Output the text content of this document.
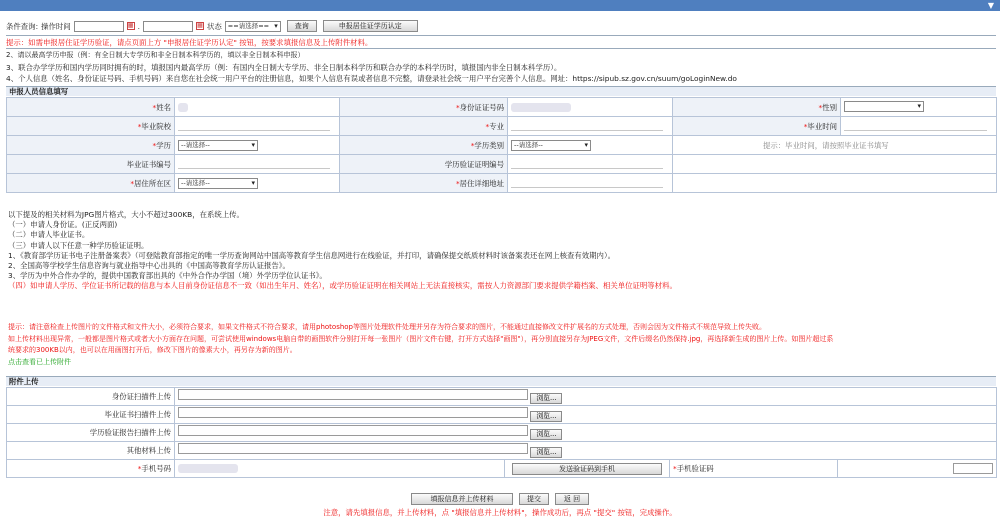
▼
条件查询: 操作时间	▦ .	▦ 状态 ==请选择== ▾	查询	申报居住证学历认定
提示：如需申报居住证学历验证，请点页面上方 "申报居住证学历认定" 按钮，按要求填报信息及上传附件材料。
2、请以最高学历申报（例：有全日制大专学历和非全日制本科学历的，填以非全日制本科申报）
3、联合办学学历和国内学历同时拥有的时，填报国内最高学历（例：有国内全日制大专学历、非全日制本科学历和联合办学的本科学历时，填报国内非全日制本科学历）。
4、个人信息（姓名、身份证证号码、手机号码）来自您在社会统一用户平台的注册信息，如果个人信息有误或者信息不完整，请登录社会统一用户平台完善个人信息。网址：https://sipub.sz.gov.cn/suum/goLoginNew.do
申报人员信息填写
*姓名		*身份证证号码		*性别	▾
*毕业院校		*专业		*毕业时间	
*学历	--请选择-- ▾	*学历类别	--请选择-- ▾	提示：毕业时间，请按照毕业证书填写	
毕业证书编号		学历验证证明编号			
*居住所在区	--请选择-- ▾	*居住详细地址			
以下提及的相关材料为JPG图片格式，大小不超过300KB，在系统上传。
（一）申请人身份证。(正反两面)
（二）申请人毕业证书。
（三）申请人以下任意一种学历验证证明。
1、《教育部学历证书电子注册备案表》（可登陆教育部指定的唯一学历查询网站中国高等教育学生信息网进行在线验证，并打印，请确保提交纸质材料时该备案表还在网上核查有效期内）。
2、全国高等学校学生信息咨询与就业指导中心出具的《中国高等教育学历认证报告》。
3、学历为中外合作办学的，提供中国教育部出具的《中外合作办学国（境）外学历学位认证书》。
（四）如申请人学历、学位证书所记载的信息与本人目前身份证信息不一致（如出生年月、姓名），或学历验证证明在相关网站上无法直接核实，需按人力资源部门要求提供学籍档案、相关单位证明等材料。
提示：请注意检查上传图片的文件格式和文件大小，必须符合要求，如果文件格式不符合要求，请用photoshop等图片处理软件处理并另存为符合要求的图片，不能通过直接修改文件扩展名的方式处理，否则会因为文件格式不规范导致上传失败。
如上传材料出现异常，一般都是图片格式或者大小方面存在问题，可尝试使用windows电脑自带的画图软件分别打开每一张图片（图片文件右键，打开方式选择"画图"），再分别直接另存为JPEG文件，文件后缀名仍然保持.jpg，再选择新生成的图片上传。如图片超过系
统要求的300KB以内，也可以在用画图打开后，修改下图片的像素大小，再另存为新的图片。
点击查看已上传附件
附件上传
身份证扫描件上传	浏览...			
毕业证书扫描件上传	浏览...			
学历验证报告扫描件上传	浏览...			
其他材料上传	浏览...			
*手机号码		发送验证码到手机	*手机验证码	
填报信息并上传材料	提交	返 回
注意，请先填报信息，并上传材料，点 "填报信息并上传材料"，操作成功后，再点 "提交" 按钮，完成操作。
